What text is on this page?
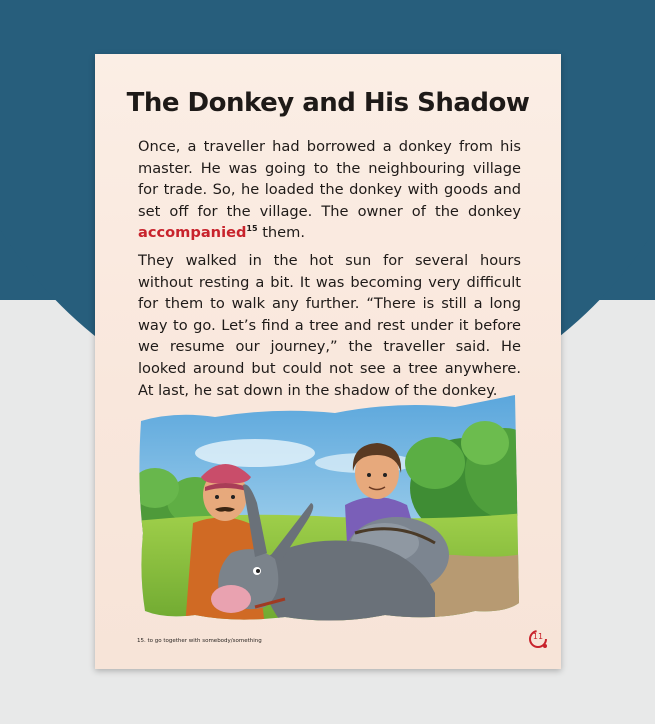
The Donkey and His Shadow

Once, a traveller had borrowed a donkey from his master. He was going to the neighbouring village for trade. So, he loaded the donkey with goods and set off for the village. The owner of the donkey accompanied$^{15}$ them.

They walked in the hot sun for several hours without resting a bit. It was becoming very difficult for them to walk any further. “There is still a long way to go. Let’s find a tree and rest under it before we resume our journey,” the traveller said. He looked around but could not see a tree anywhere. At last, he sat down in the shadow of the donkey.

15. to go together with somebody/something	11
